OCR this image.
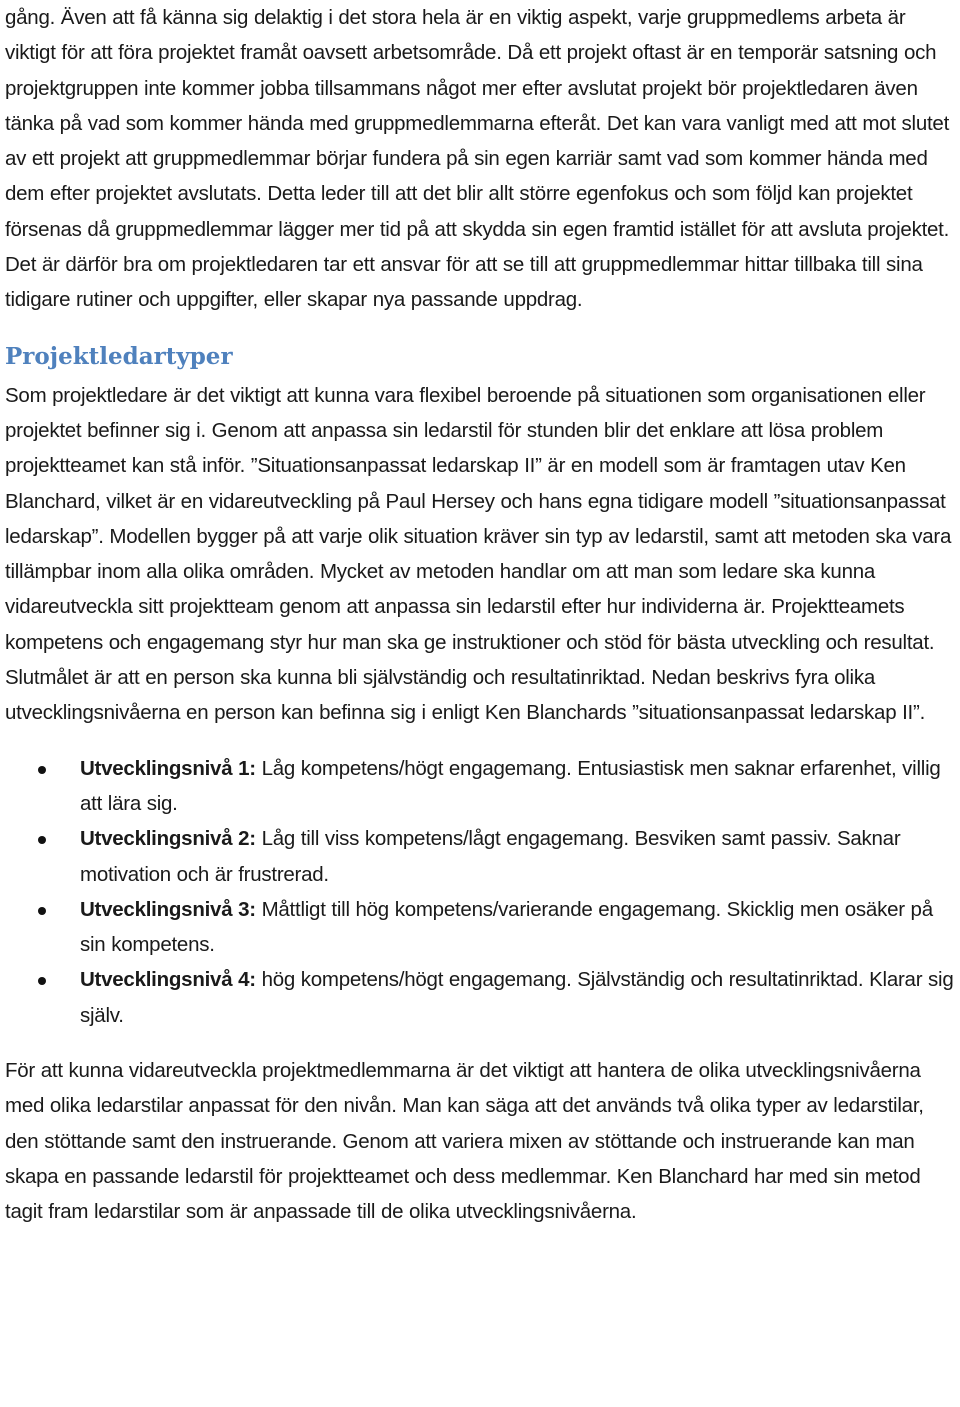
gång. Även att få känna sig delaktig i det stora hela är en viktig aspekt, varje gruppmedlems arbeta är viktigt för att föra projektet framåt oavsett arbetsområde. Då ett projekt oftast är en temporär satsning och projektgruppen inte kommer jobba tillsammans något mer efter avslutat projekt bör projektledaren även tänka på vad som kommer hända med gruppmedlemmarna efteråt. Det kan vara vanligt med att mot slutet av ett projekt att gruppmedlemmar börjar fundera på sin egen karriär samt vad som kommer hända med dem efter projektet avslutats. Detta leder till att det blir allt större egenfokus och som följd kan projektet försenas då gruppmedlemmar lägger mer tid på att skydda sin egen framtid istället för att avsluta projektet. Det är därför bra om projektledaren tar ett ansvar för att se till att gruppmedlemmar hittar tillbaka till sina tidigare rutiner och uppgifter, eller skapar nya passande uppdrag.

Projektledartyper

Som projektledare är det viktigt att kunna vara flexibel beroende på situationen som organisationen eller projektet befinner sig i. Genom att anpassa sin ledarstil för stunden blir det enklare att lösa problem projektteamet kan stå inför. ”Situationsanpassat ledarskap II” är en modell som är framtagen utav Ken Blanchard, vilket är en vidareutveckling på Paul Hersey och hans egna tidigare modell ”situationsanpassat ledarskap”. Modellen bygger på att varje olik situation kräver sin typ av ledarstil, samt att metoden ska vara tillämpbar inom alla olika områden. Mycket av metoden handlar om att man som ledare ska kunna vidareutveckla sitt projektteam genom att anpassa sin ledarstil efter hur individerna är. Projektteamets kompetens och engagemang styr hur man ska ge instruktioner och stöd för bästa utveckling och resultat. Slutmålet är att en person ska kunna bli självständig och resultatinriktad. Nedan beskrivs fyra olika utvecklingsnivåerna en person kan befinna sig i enligt Ken Blanchards ”situationsanpassat ledarskap II”.

Utvecklingsnivå 1: Låg kompetens/högt engagemang. Entusiastisk men saknar erfarenhet, villig att lära sig.
Utvecklingsnivå 2: Låg till viss kompetens/lågt engagemang. Besviken samt passiv. Saknar motivation och är frustrerad.
Utvecklingsnivå 3: Måttligt till hög kompetens/varierande engagemang. Skicklig men osäker på sin kompetens.
Utvecklingsnivå 4: hög kompetens/högt engagemang. Självständig och resultatinriktad. Klarar sig själv.

För att kunna vidareutveckla projektmedlemmarna är det viktigt att hantera de olika utvecklingsnivåerna med olika ledarstilar anpassat för den nivån. Man kan säga att det används två olika typer av ledarstilar, den stöttande samt den instruerande. Genom att variera mixen av stöttande och instruerande kan man skapa en passande ledarstil för projektteamet och dess medlemmar. Ken Blanchard har med sin metod tagit fram ledarstilar som är anpassade till de olika utvecklingsnivåerna.
